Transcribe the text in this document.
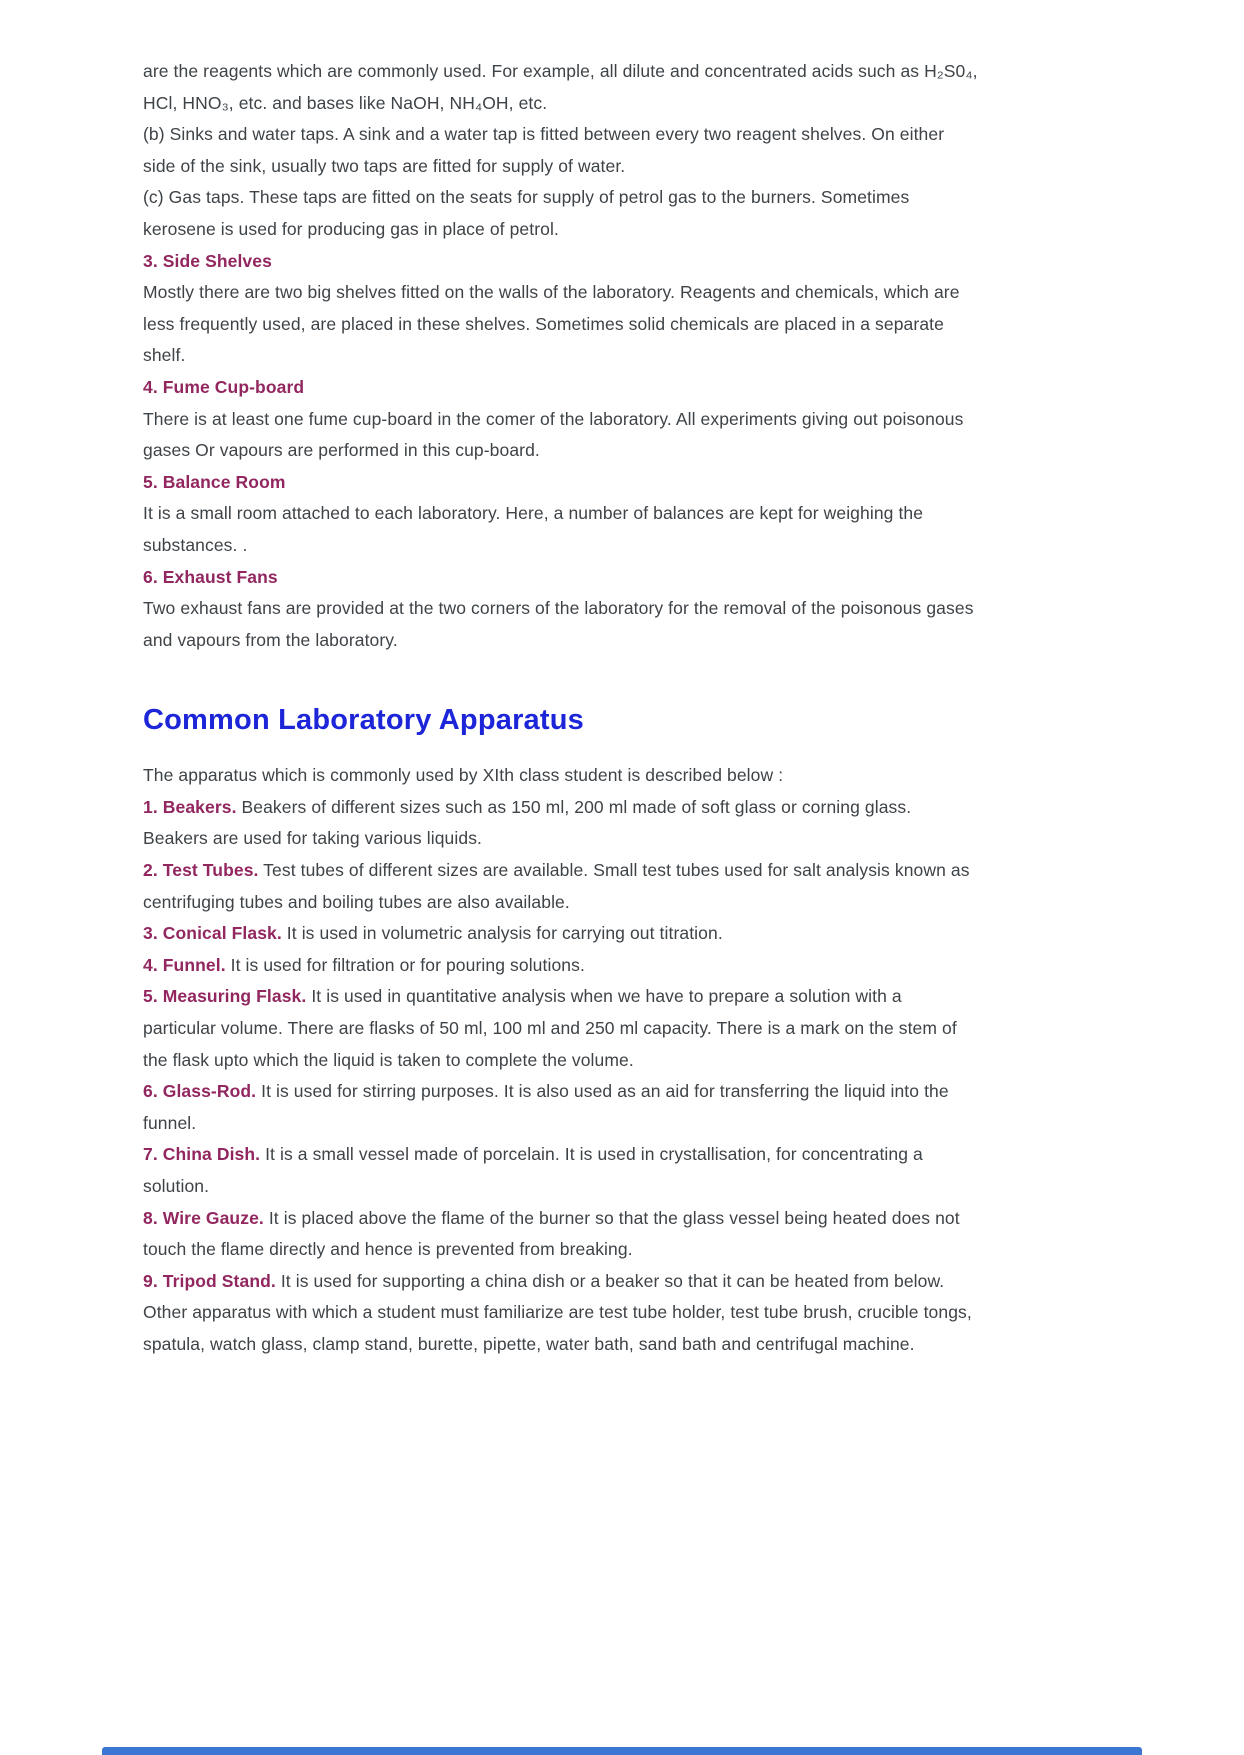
are the reagents which are commonly used. For example, all dilute and concentrated acids such as H₂S0₄, HCl, HNO₃, etc. and bases like NaOH, NH₄OH, etc.

(b) Sinks and water taps. A sink and a water tap is fitted between every two reagent shelves. On either side of the sink, usually two taps are fitted for supply of water.

(c) Gas taps. These taps are fitted on the seats for supply of petrol gas to the burners. Sometimes kerosene is used for producing gas in place of petrol.

3. Side Shelves

Mostly there are two big shelves fitted on the walls of the laboratory. Reagents and chemicals, which are less frequently used, are placed in these shelves. Sometimes solid chemicals are placed in a separate shelf.

4. Fume Cup-board

There is at least one fume cup-board in the comer of the laboratory. All experiments giving out poisonous gases Or vapours are performed in this cup-board.

5. Balance Room

It is a small room attached to each laboratory. Here, a number of balances are kept for weighing the substances. .

6. Exhaust Fans

Two exhaust fans are provided at the two corners of the laboratory for the removal of the poisonous gases and vapours from the laboratory.

Common Laboratory Apparatus

The apparatus which is commonly used by XIth class student is described below :

1. Beakers. Beakers of different sizes such as 150 ml, 200 ml made of soft glass or corning glass. Beakers are used for taking various liquids.

2. Test Tubes. Test tubes of different sizes are available. Small test tubes used for salt analysis known as centrifuging tubes and boiling tubes are also available.

3. Conical Flask. It is used in volumetric analysis for carrying out titration.

4. Funnel. It is used for filtration or for pouring solutions.

5. Measuring Flask. It is used in quantitative analysis when we have to prepare a solution with a particular volume. There are flasks of 50 ml, 100 ml and 250 ml capacity. There is a mark on the stem of the flask upto which the liquid is taken to complete the volume.

6. Glass-Rod. It is used for stirring purposes. It is also used as an aid for transferring the liquid into the funnel.

7. China Dish. It is a small vessel made of porcelain. It is used in crystallisation, for concentrating a solution.

8. Wire Gauze. It is placed above the flame of the burner so that the glass vessel being heated does not touch the flame directly and hence is prevented from breaking.

9. Tripod Stand. It is used for supporting a china dish or a beaker so that it can be heated from below.

Other apparatus with which a student must familiarize are test tube holder, test tube brush, crucible tongs, spatula, watch glass, clamp stand, burette, pipette, water bath, sand bath and centrifugal machine.
